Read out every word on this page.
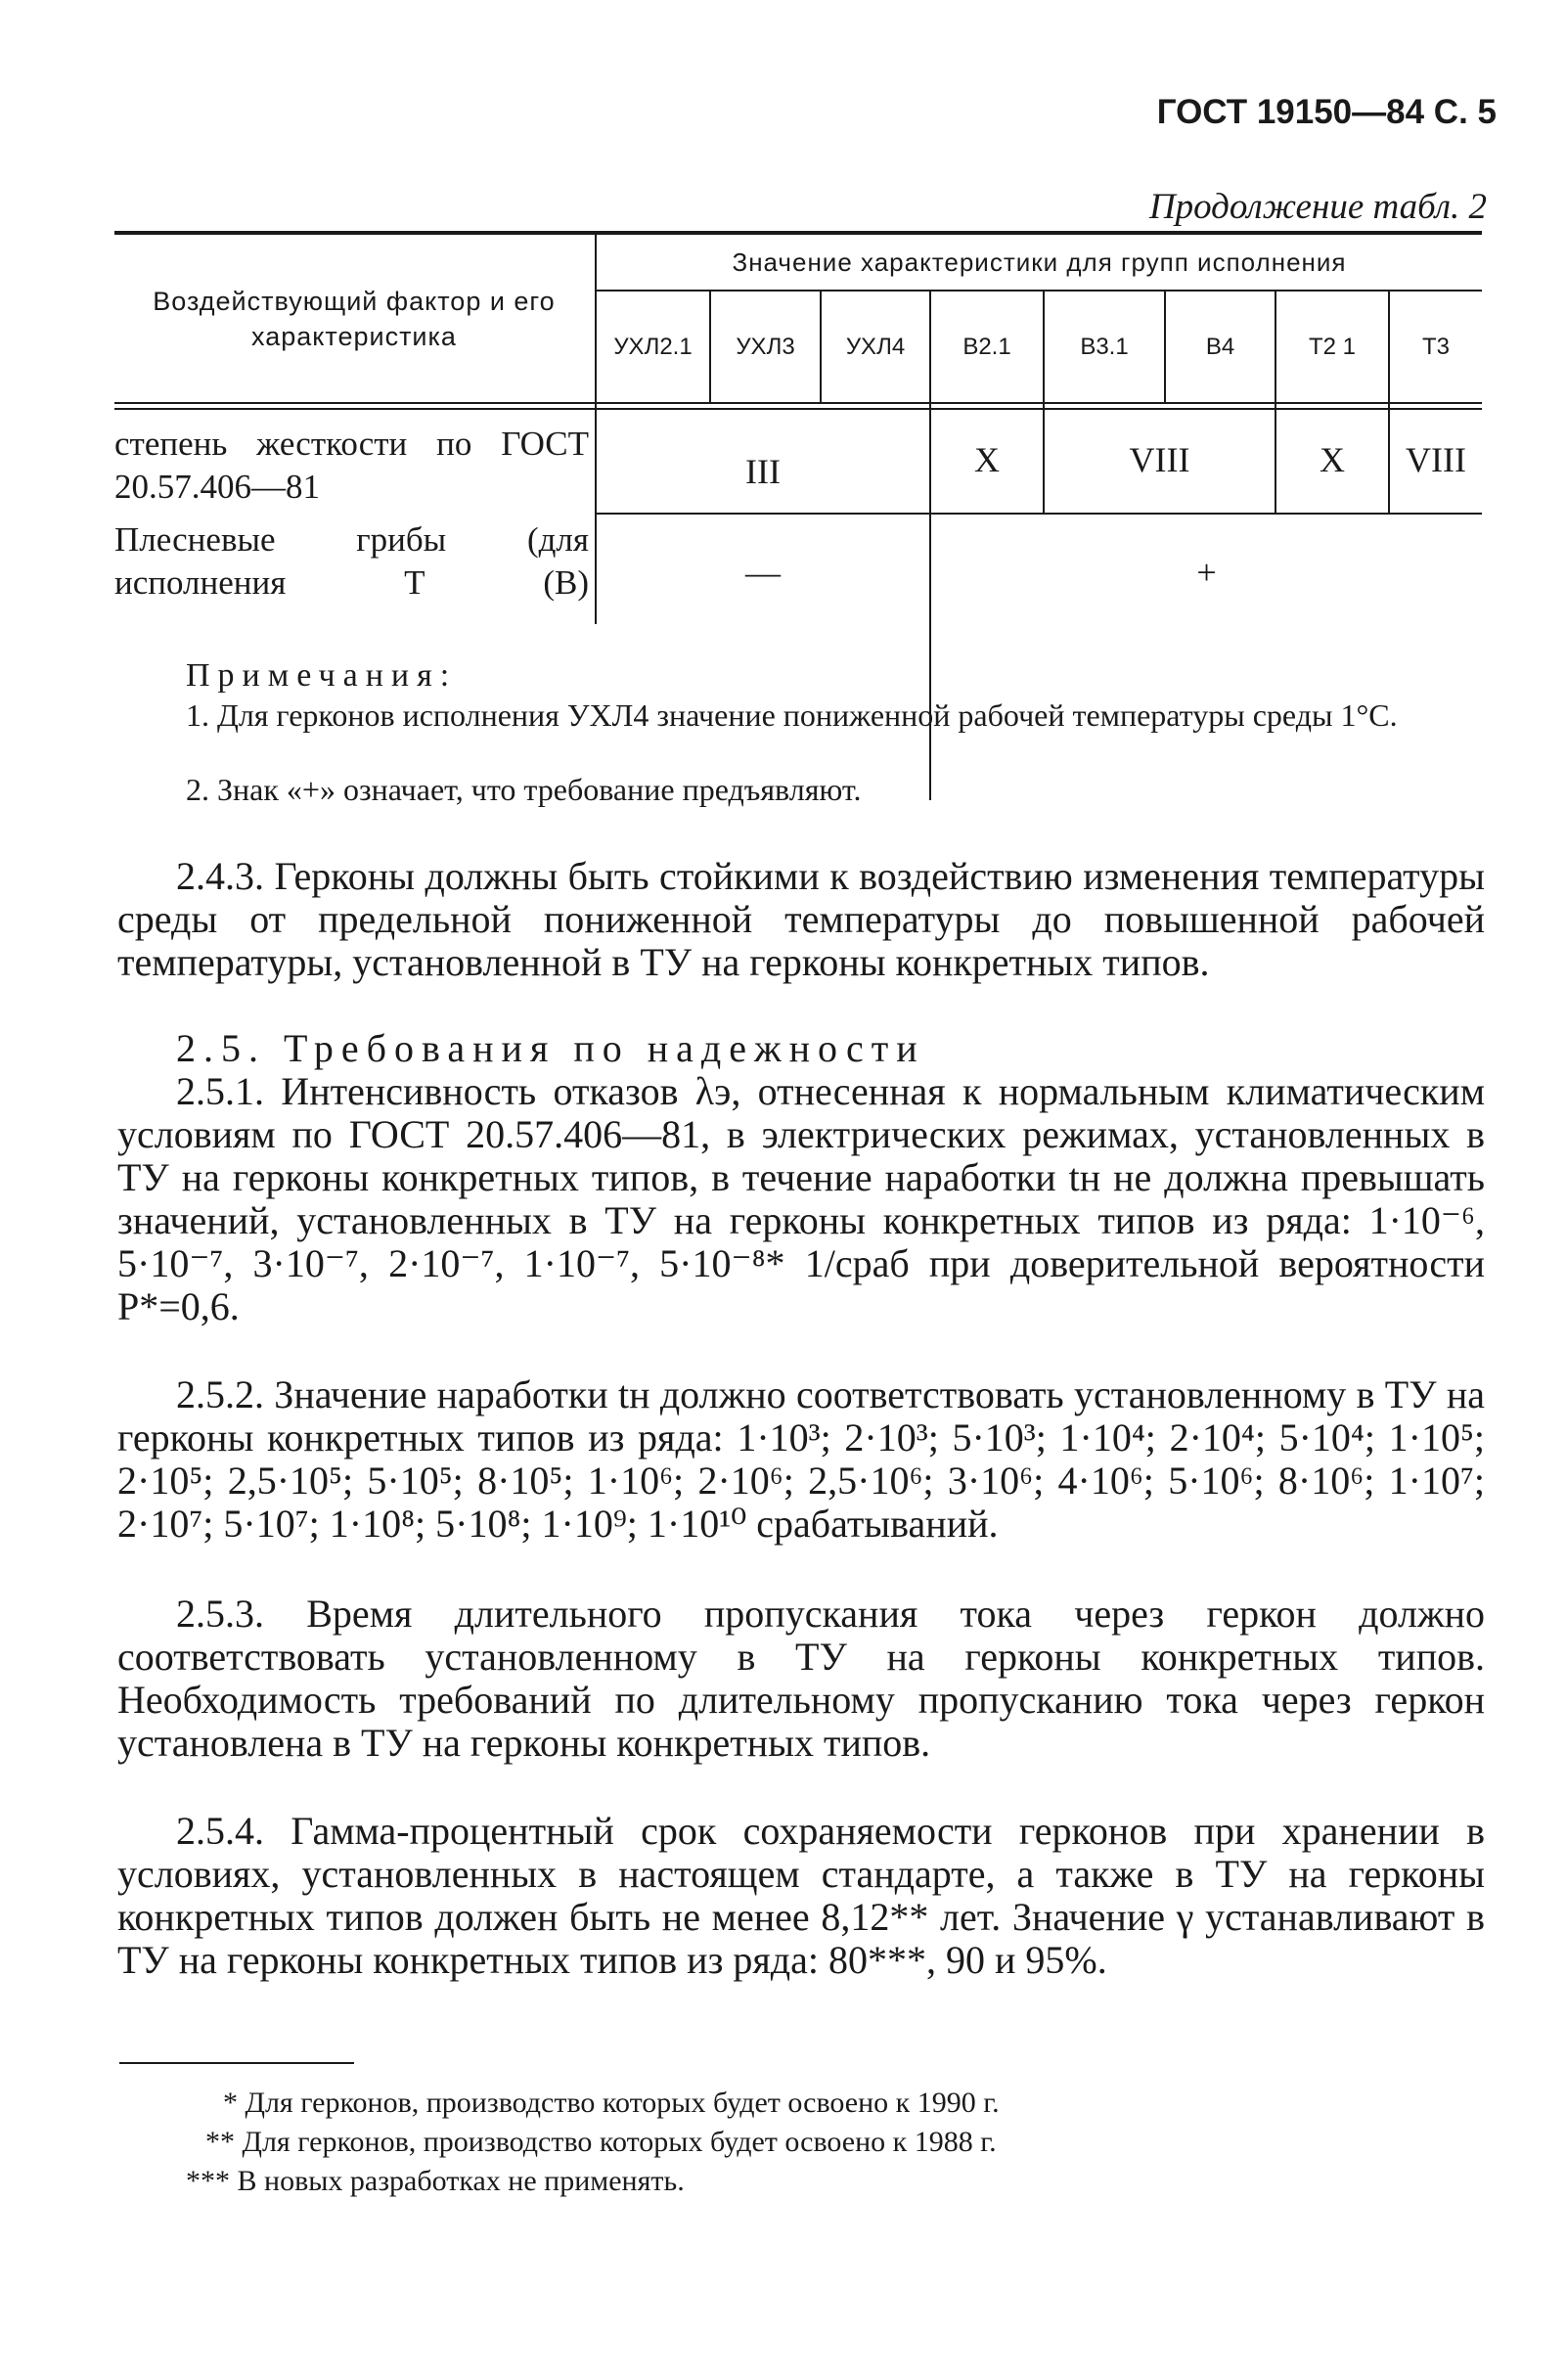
ГОСТ 19150—84 С. 5
Продолжение табл. 2
Воздействующий фактор и его характеристика
Значение характеристики для групп исполнения
УХЛ2.1	УХЛ3	УХЛ4	В2.1	В3.1	В4	Т2 1	Т3
степень жесткости по ГОСТ 20.57.406—81	III	X	VIII	X	VIII
Плесневые грибы (для исполнения Т (В)	—	+
Примечания:
1. Для герконов исполнения УХЛ4 значение пониженной рабочей температуры среды 1°С.
2. Знак «+» означает, что требование предъявляют.
2.4.3. Герконы должны быть стойкими к воздействию изменения температуры среды от предельной пониженной температуры до повышенной рабочей температуры, установленной в ТУ на герконы конкретных типов.
2.5. Требования по надежности
2.5.1. Интенсивность отказов λэ, отнесенная к нормальным климатическим условиям по ГОСТ 20.57.406—81, в электрических режимах, установленных в ТУ на герконы конкретных типов, в течение наработки tн не должна превышать значений, установленных в ТУ на герконы конкретных типов из ряда: 1·10⁻⁶, 5·10⁻⁷, 3·10⁻⁷, 2·10⁻⁷, 1·10⁻⁷, 5·10⁻⁸* 1/сраб при доверительной вероятности P*=0,6.
2.5.2. Значение наработки tн должно соответствовать установленному в ТУ на герконы конкретных типов из ряда: 1·10³; 2·10³; 5·10³; 1·10⁴; 2·10⁴; 5·10⁴; 1·10⁵; 2·10⁵; 2,5·10⁵; 5·10⁵; 8·10⁵; 1·10⁶; 2·10⁶; 2,5·10⁶; 3·10⁶; 4·10⁶; 5·10⁶; 8·10⁶; 1·10⁷; 2·10⁷; 5·10⁷; 1·10⁸; 5·10⁸; 1·10⁹; 1·10¹⁰ срабатываний.
2.5.3. Время длительного пропускания тока через геркон должно соответствовать установленному в ТУ на герконы конкретных типов. Необходимость требований по длительному пропусканию тока через геркон установлена в ТУ на герконы конкретных типов.
2.5.4. Гамма-процентный срок сохраняемости герконов при хранении в условиях, установленных в настоящем стандарте, а также в ТУ на герконы конкретных типов должен быть не менее 8,12** лет. Значение γ устанавливают в ТУ на герконы конкретных типов из ряда: 80***, 90 и 95%.
* Для герконов, производство которых будет освоено к 1990 г.
** Для герконов, производство которых будет освоено к 1988 г.
*** В новых разработках не применять.
